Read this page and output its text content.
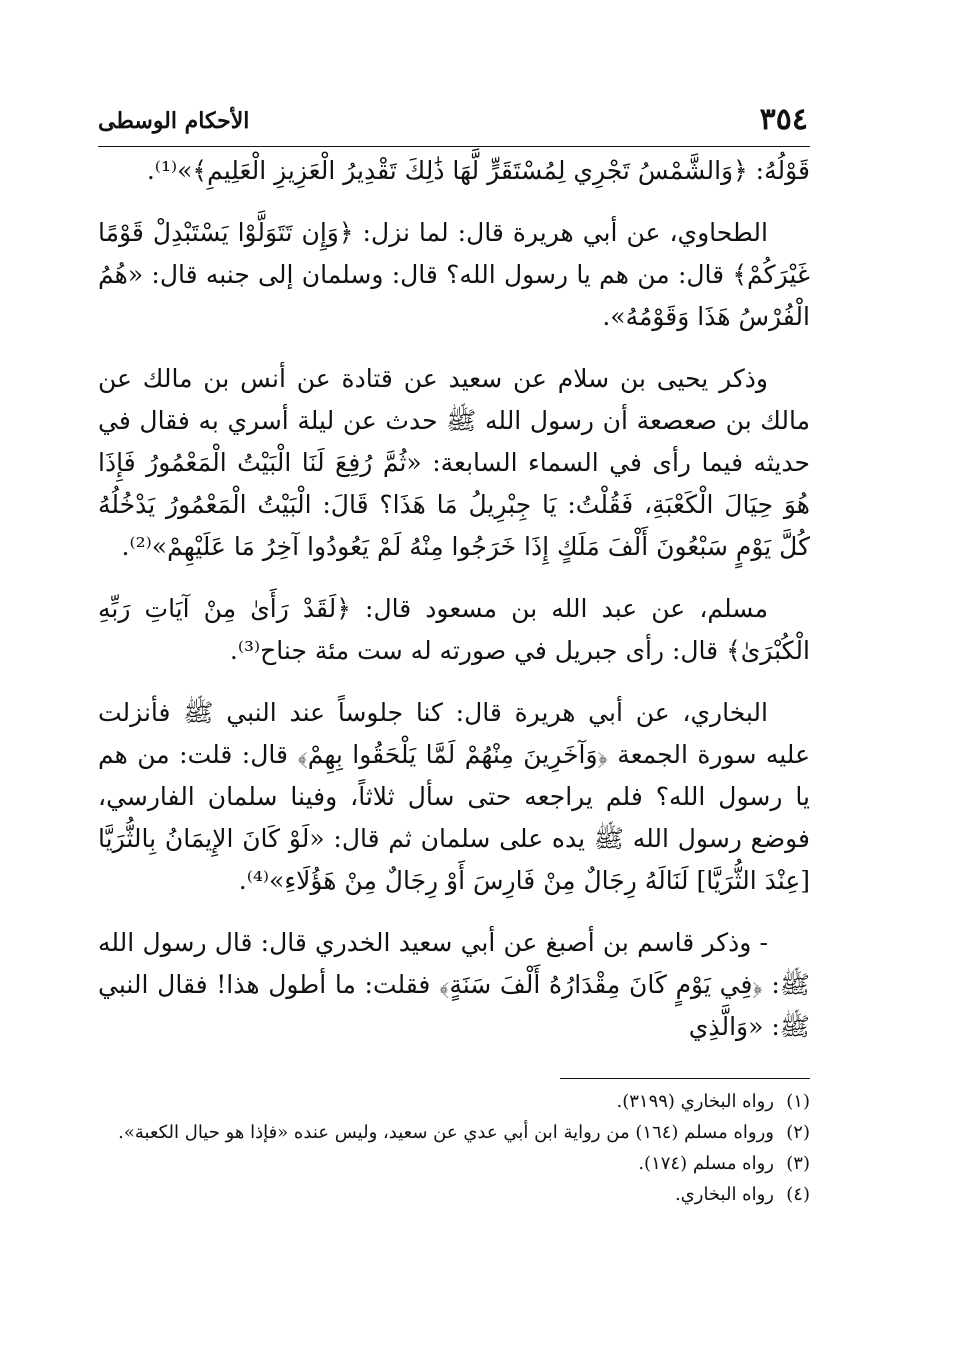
٣٥٤
الأحكام الوسطى

قَوْلُهُ: ﴿وَالشَّمْسُ تَجْرِي لِمُسْتَقَرٍّ لَّهَا ذَٰلِكَ تَقْدِيرُ الْعَزِيزِ الْعَلِيمِ﴾»⁽¹⁾.

الطحاوي، عن أبي هريرة قال: لما نزل: ﴿وَإِن تَتَوَلَّوْا يَسْتَبْدِلْ قَوْمًا غَيْرَكُمْ﴾ قال: من هم يا رسول الله؟ قال: وسلمان إلى جنبه قال: «هُمُ الْفُرْسُ هَذَا وَقَوْمُهُ».

وذكر يحيى بن سلام عن سعيد عن قتادة عن أنس بن مالك عن مالك بن صعصعة أن رسول الله ﷺ حدث عن ليلة أسري به فقال في حديثه فيما رأى في السماء السابعة: «ثُمَّ رُفِعَ لَنَا الْبَيْتُ الْمَعْمُورُ فَإِذَا هُوَ حِيَالَ الْكَعْبَةِ، فَقُلْتُ: يَا جِبْرِيلُ مَا هَذَا؟ قَالَ: الْبَيْتُ الْمَعْمُورُ يَدْخُلُهُ كُلَّ يَوْمٍ سَبْعُونَ أَلْفَ مَلَكٍ إِذَا خَرَجُوا مِنْهُ لَمْ يَعُودُوا آخِرُ مَا عَلَيْهِمْ»⁽²⁾.

مسلم، عن عبد الله بن مسعود قال: ﴿لَقَدْ رَأَىٰ مِنْ آيَاتِ رَبِّهِ الْكُبْرَىٰ﴾ قال: رأى جبريل في صورته له ست مئة جناح⁽³⁾.

البخاري، عن أبي هريرة قال: كنا جلوساً عند النبي ﷺ فأنزلت عليه سورة الجمعة ﴿وَآخَرِينَ مِنْهُمْ لَمَّا يَلْحَقُوا بِهِمْ﴾ قال: قلت: من هم يا رسول الله؟ فلم يراجعه حتى سأل ثلاثاً، وفينا سلمان الفارسي، فوضع رسول الله ﷺ يده على سلمان ثم قال: «لَوْ كَانَ الإِيمَانُ بِالثُّرَيَّا [عِنْدَ الثُّرَيَّا] لَنَالَهُ رِجَالٌ مِنْ فَارِسَ أَوْ رِجَالٌ مِنْ هَؤُلَاءِ»⁽⁴⁾.

- وذكر قاسم بن أصبغ عن أبي سعيد الخدري قال: قال رسول الله ﷺ: ﴿فِي يَوْمٍ كَانَ مِقْدَارُهُ أَلْفَ سَنَةٍ﴾ فقلت: ما أطول هذا! فقال النبي ﷺ: «وَالَّذِي

(١)
رواه البخاري (٣١٩٩).
(٢)
ورواه مسلم (١٦٤) من رواية ابن أبي عدي عن سعيد، وليس عنده «فإذا هو حيال الكعبة».
(٣)
رواه مسلم (١٧٤).
(٤)
رواه البخاري.
